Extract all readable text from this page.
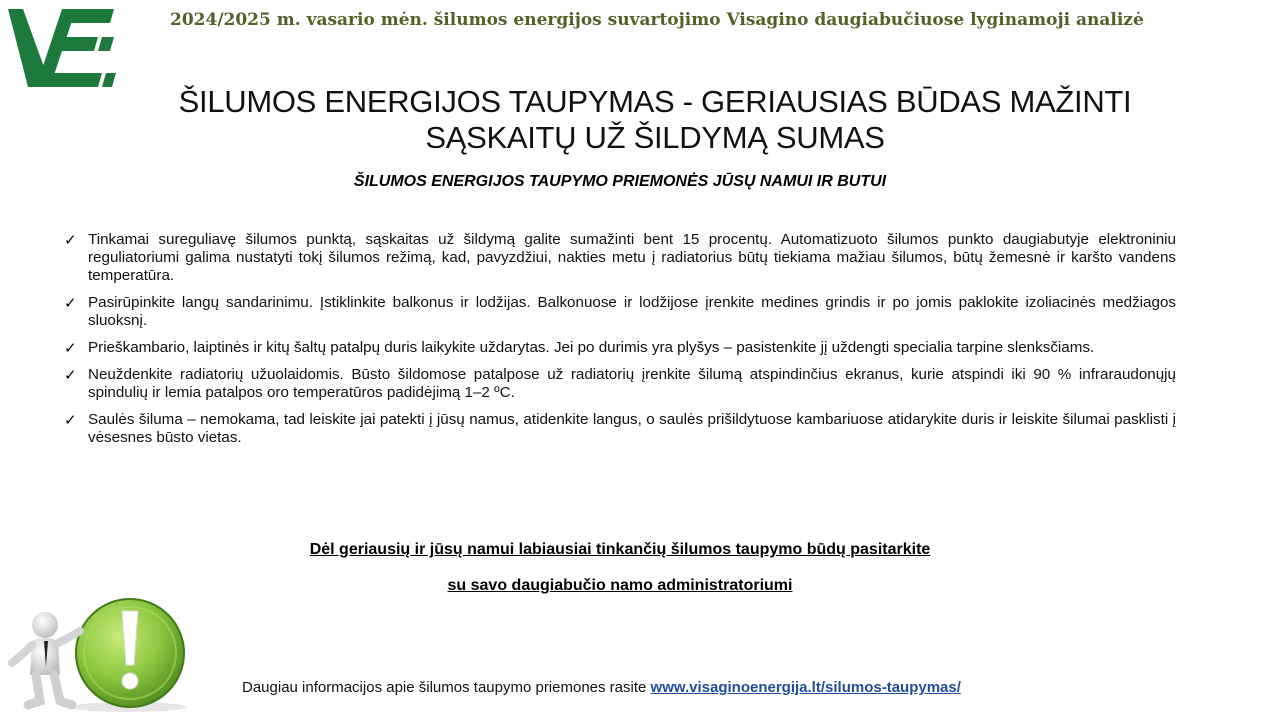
2024/2025 m. vasario mėn. šilumos energijos suvartojimo Visagino daugiabučiuose lyginamoji analizė
ŠILUMOS ENERGIJOS TAUPYMAS - GERIAUSIAS BŪDAS MAŽINTI
SĄSKAITŲ UŽ ŠILDYMĄ SUMAS
ŠILUMOS ENERGIJOS TAUPYMO PRIEMONĖS JŪSŲ NAMUI IR BUTUI
✓ Tinkamai sureguliavę šilumos punktą, sąskaitas už šildymą galite sumažinti bent 15 procentų. Automatizuoto šilumos punkto daugiabutyje elektroniniu reguliatoriumi galima nustatyti tokį šilumos režimą, kad, pavyzdžiui, nakties metu į radiatorius būtų tiekiama mažiau šilumos, būtų žemesnė ir karšto vandens temperatūra.
✓ Pasirūpinkite langų sandarinimu. Įstiklinkite balkonus ir lodžijas. Balkonuose ir lodžijose įrenkite medines grindis ir po jomis paklokite izoliacinės medžiagos sluoksnį.
✓ Prieškambario, laiptinės ir kitų šaltų patalpų duris laikykite uždarytas. Jei po durimis yra plyšys – pasistenkite jį uždengti specialia tarpine slenksčiams.
✓ Neuždenkite radiatorių užuolaidomis. Būsto šildomose patalpose už radiatorių įrenkite šilumą atspindinčius ekranus, kurie atspindi iki 90 % infraraudonųjų spindulių ir lemia patalpos oro temperatūros padidėjimą 1–2 ºC.
✓ Saulės šiluma – nemokama, tad leiskite jai patekti į jūsų namus, atidenkite langus, o saulės prišildytuose kambariuose atidarykite duris ir leiskite šilumai pasklisti į vėsesnes būsto vietas.
Dėl geriausių ir jūsų namui labiausiai tinkančių šilumos taupymo būdų pasitarkite
su savo daugiabučio namo administratoriumi
Daugiau informacijos apie šilumos taupymo priemones rasite www.visaginoenergija.lt/silumos-taupymas/
